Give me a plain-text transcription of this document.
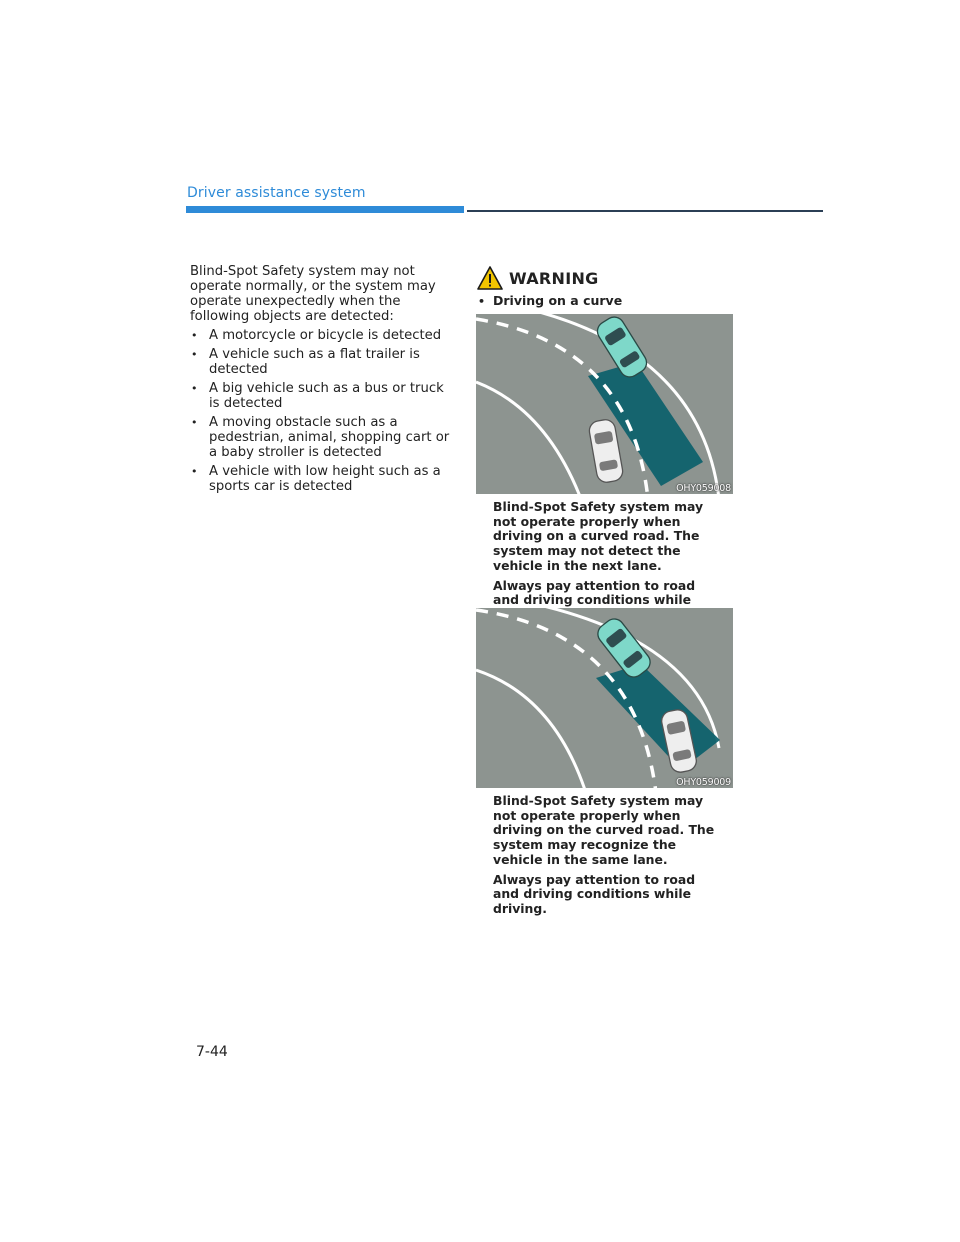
Driver assistance system

Blind-Spot Safety system may not operate normally, or the system may operate unexpectedly when the following objects are detected:

• A motorcycle or bicycle is detected
• A vehicle such as a flat trailer is detected
• A big vehicle such as a bus or truck is detected
• A moving obstacle such as a pedestrian, animal, shopping cart or a baby stroller is detected
• A vehicle with low height such as a sports car is detected
WARNING
• Driving on a curve
OHY059008

Blind-Spot Safety system may not operate properly when driving on a curved road. The system may not detect the vehicle in the next lane.

Always pay attention to road and driving conditions while

OHY059009

Blind-Spot Safety system may not operate properly when driving on the curved road. The system may recognize the vehicle in the same lane.

Always pay attention to road and driving conditions while driving.

7-44
